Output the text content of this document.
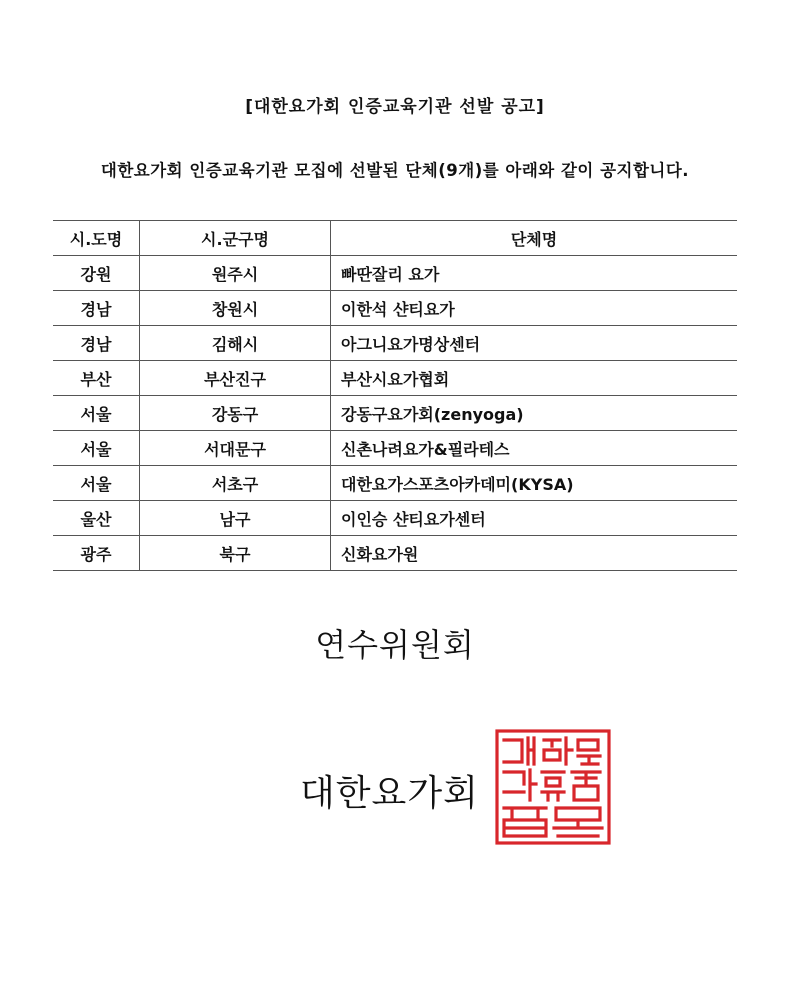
[대한요가회 인증교육기관 선발 공고]
대한요가회 인증교육기관 모집에 선발된 단체(9개)를 아래와 같이 공지합니다.
시.도명	시.군구명	단체명
강원	원주시	빠딴잘리 요가
경남	창원시	이한석 샨티요가
경남	김해시	아그니요가명상센터
부산	부산진구	부산시요가협회
서울	강동구	강동구요가회(zenyoga)
서울	서대문구	신촌나려요가&필라테스
서울	서초구	대한요가스포츠아카데미(KYSA)
울산	남구	이인승 샨티요가센터
광주	북구	신화요가원
연수위원회
대한요가회
